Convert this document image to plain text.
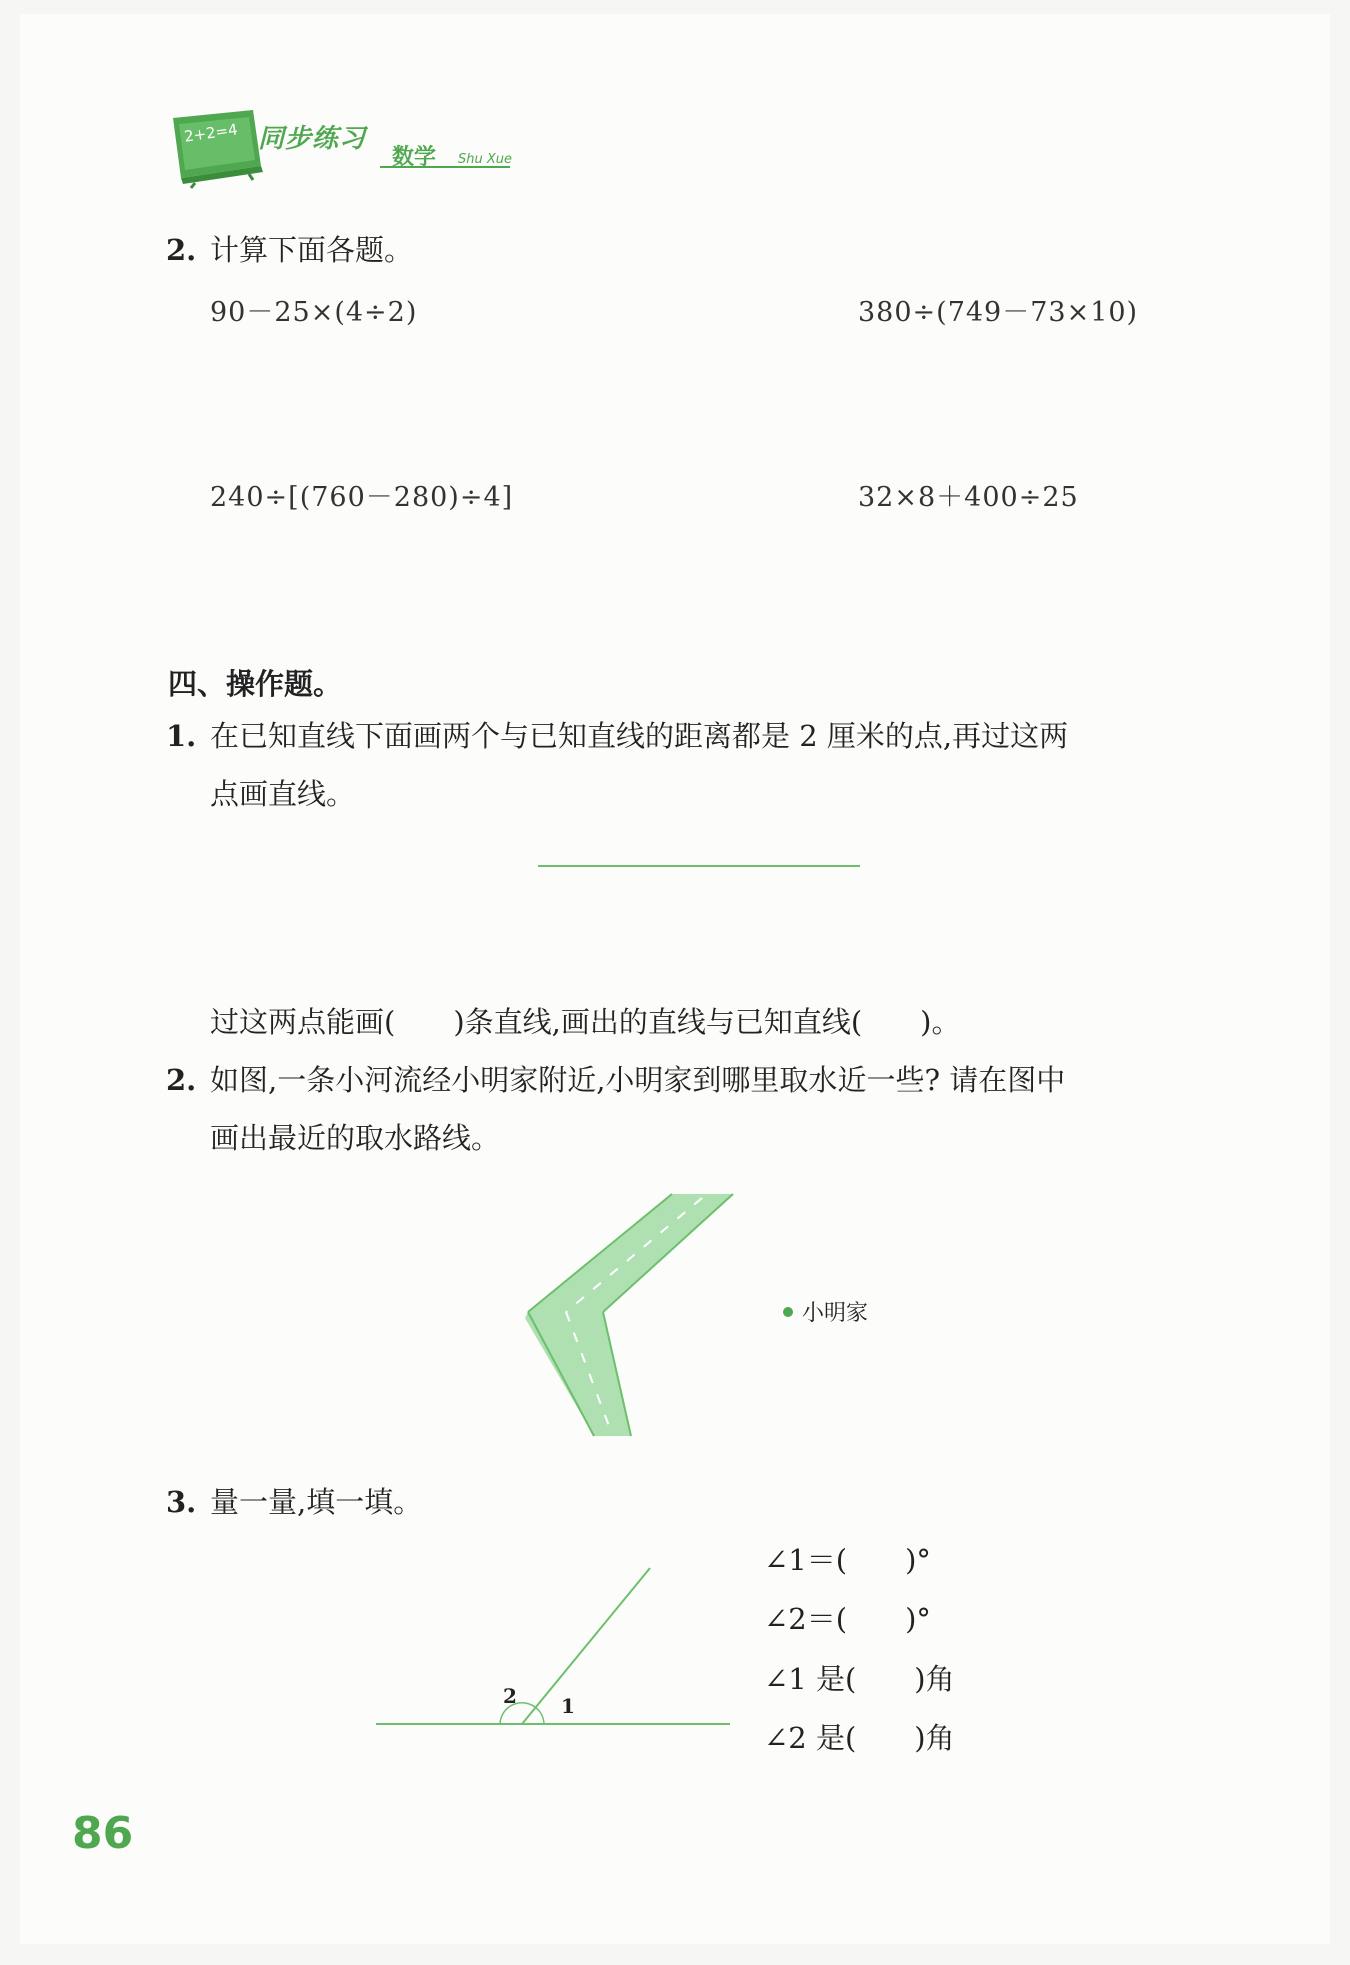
2+2=4 同步练习
数学 Shu Xue
2. 计算下面各题。
90－25×(4÷2)	380÷(749－73×10)
240÷[(760－280)÷4]	32×8＋400÷25
四、操作题。
1. 在已知直线下面画两个与已知直线的距离都是 2 厘米的点,再过这两
点画直线。
过这两点能画(　　)条直线,画出的直线与已知直线(　　)。
2. 如图,一条小河流经小明家附近,小明家到哪里取水近一些? 请在图中
画出最近的取水路线。
小明家
3. 量一量,填一填。
2 1
∠1＝(　　)°
∠2＝(　　)°
∠1 是(　　)角
∠2 是(　　)角
86
